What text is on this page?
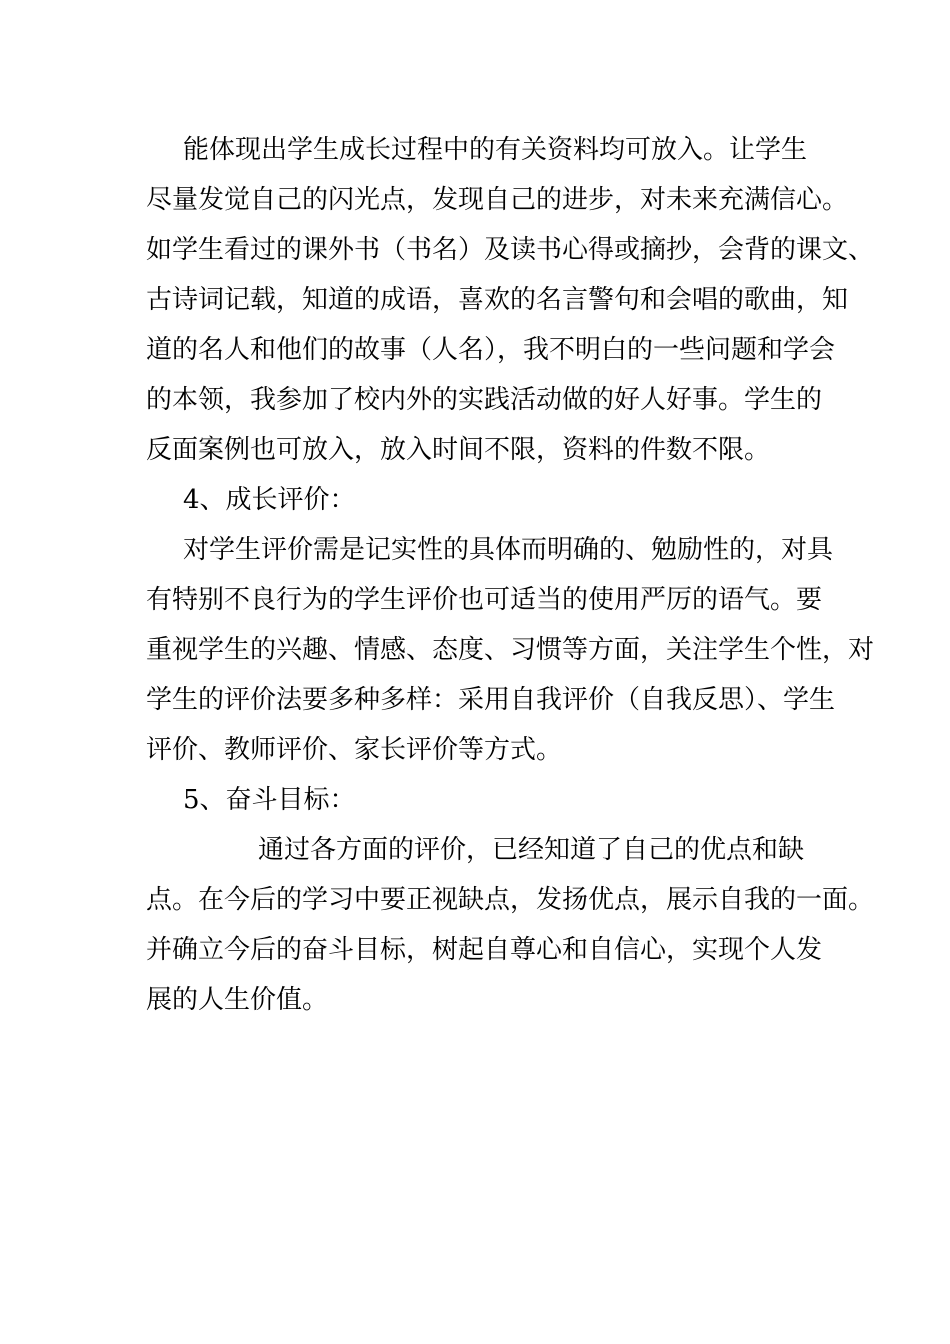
能体现出学生成长过程中的有关资料均可放入。让学生
尽量发觉自己的闪光点，发现自己的进步，对未来充满信心。
如学生看过的课外书（书名）及读书心得或摘抄，会背的课文、
古诗词记载，知道的成语，喜欢的名言警句和会唱的歌曲，知
道的名人和他们的故事（人名），我不明白的一些问题和学会
的本领，我参加了校内外的实践活动做的好人好事。学生的
反面案例也可放入，放入时间不限，资料的件数不限。
4、成长评价：
对学生评价需是记实性的具体而明确的、勉励性的，对具
有特别不良行为的学生评价也可适当的使用严厉的语气。要
重视学生的兴趣、情感、态度、习惯等方面，关注学生个性，对
学生的评价法要多种多样：采用自我评价（自我反思）、学生
评价、教师评价、家长评价等方式。
5、奋斗目标：
通过各方面的评价，已经知道了自己的优点和缺
点。在今后的学习中要正视缺点，发扬优点，展示自我的一面。
并确立今后的奋斗目标，树起自尊心和自信心，实现个人发
展的人生价值。
